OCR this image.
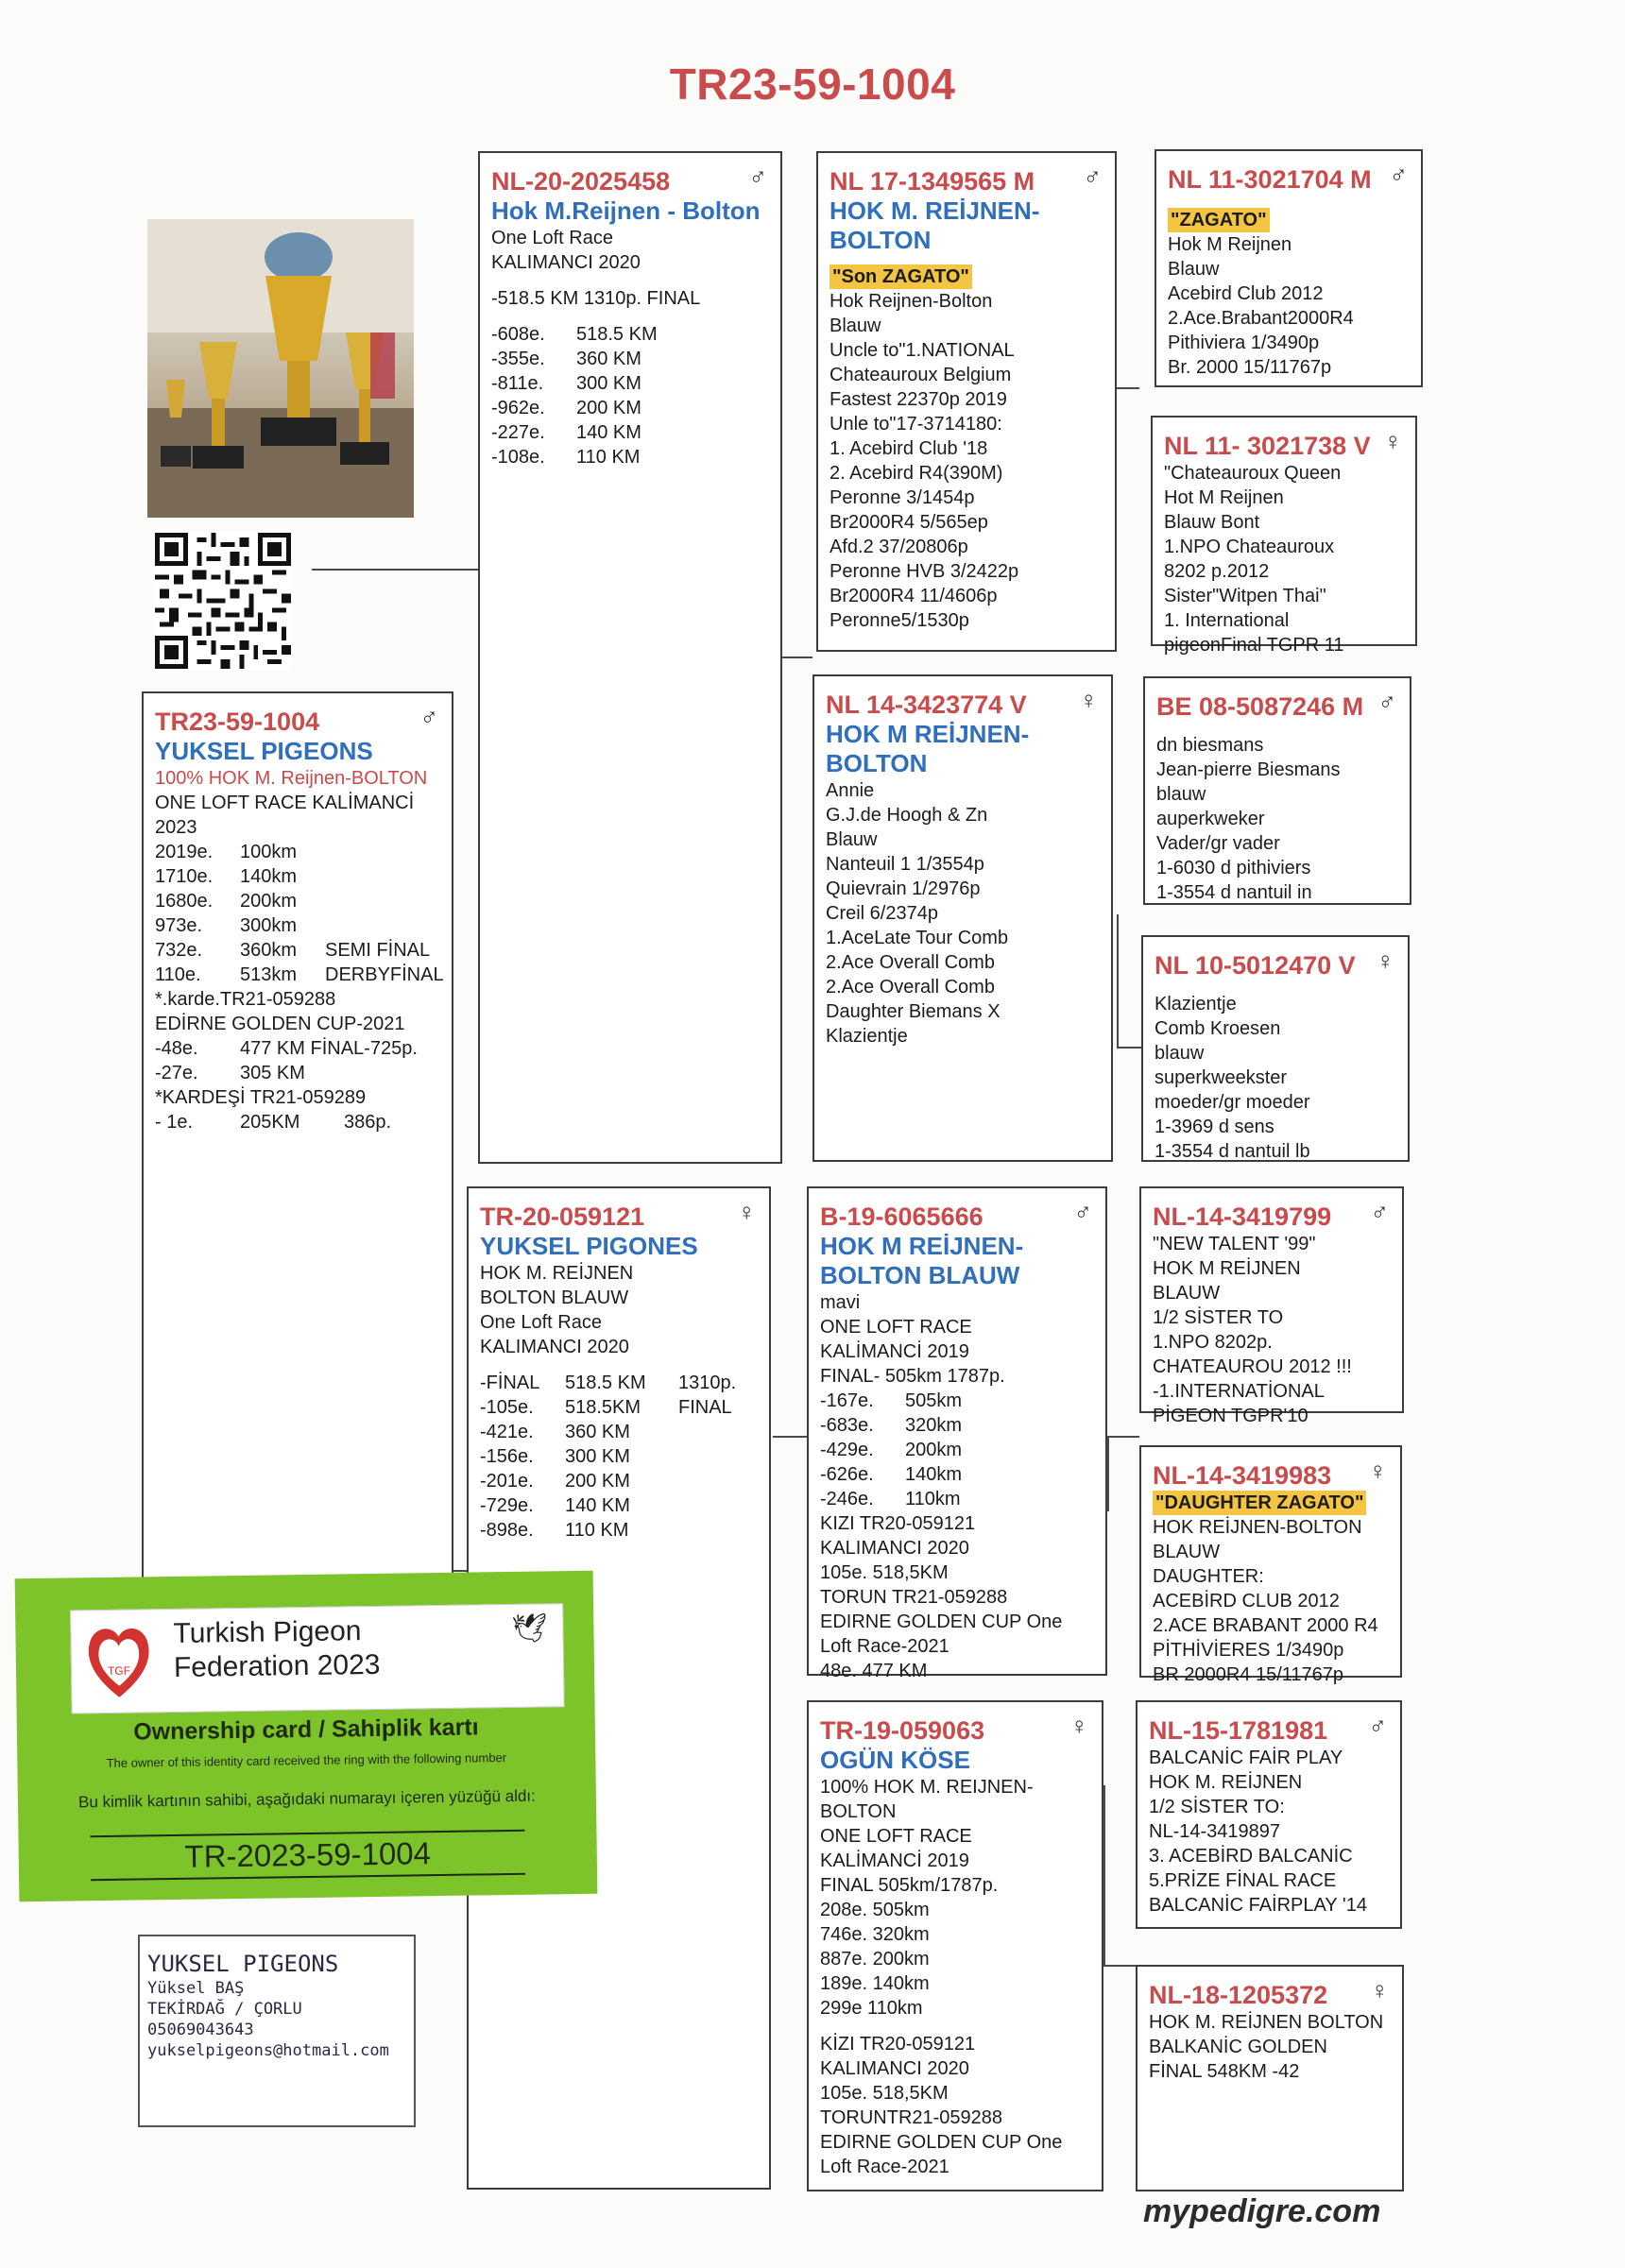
TR23-59-1004
TR23-59-1004	♂
YUKSEL PIGEONS
100% HOK M. Reijnen-BOLTON
ONE LOFT RACE KALİMANCİ
2023
2019e. 100km
1710e. 140km
1680e. 200km
973e. 300km
732e. 360km SEMI FİNAL
110e. 513km DERBYFİNAL
*.karde.TR21-059288
EDİRNE GOLDEN CUP-2021
-48e. 477 KM FİNAL-725p.
-27e. 305 KM
*KARDEŞİ TR21-059289
- 1e. 205KM 386p.
NL-20-2025458	♂
Hok M.Reijnen - Bolton
One Loft Race
KALIMANCI 2020
-518.5 KM 1310p. FINAL
-608e. 518.5 KM
-355e. 360 KM
-811e. 300 KM
-962e. 200 KM
-227e. 140 KM
-108e. 110 KM
TR-20-059121	♀
YUKSEL PIGONES
HOK M. REİJNEN
BOLTON BLAUW
One Loft Race
KALIMANCI 2020
-FİNAL 518.5 KM 1310p.
-105e. 518.5KM FINAL
-421e. 360 KM
-156e. 300 KM
-201e. 200 KM
-729e. 140 KM
-898e. 110 KM
NL 17-1349565 M	♂
HOK M. REİJNEN-BOLTON
"Son ZAGATO"
Hok Reijnen-Bolton
Blauw
Uncle to"1.NATIONAL
Chateauroux Belgium
Fastest 22370p 2019
Unle to"17-3714180:
1. Acebird Club '18
2. Acebird R4(390M)
Peronne 3/1454p
Br2000R4 5/565ep
Afd.2 37/20806p
Peronne HVB 3/2422p
Br2000R4 11/4606p
Peronne5/1530p
NL 14-3423774 V	♀
HOK M REİJNEN-BOLTON
Annie
G.J.de Hoogh & Zn
Blauw
Nanteuil 1 1/3554p
Quievrain 1/2976p
Creil 6/2374p
1.AceLate Tour Comb
2.Ace Overall Comb
2.Ace Overall Comb
Daughter Biemans X
Klazientje
B-19-6065666	♂
HOK M REİJNEN-BOLTON BLAUW
mavi
ONE LOFT RACE
KALİMANCİ 2019
FINAL- 505km 1787p.
-167e. 505km
-683e. 320km
-429e. 200km
-626e. 140km
-246e. 110km
KIZI TR20-059121
KALIMANCI 2020
105e. 518,5KM
TORUN TR21-059288
EDIRNE GOLDEN CUP One
Loft Race-2021
48e. 477 KM
TR-19-059063	♀
OGÜN KÖSE
100% HOK M. REIJNEN-
BOLTON
ONE LOFT RACE
KALİMANCİ 2019
FINAL 505km/1787p.
208e. 505km
746e. 320km
887e. 200km
189e. 140km
299e 110km
KİZI TR20-059121
KALIMANCI 2020
105e. 518,5KM
TORUNTR21-059288
EDIRNE GOLDEN CUP One
Loft Race-2021
NL 11-3021704 M ♂
"ZAGATO"
Hok M Reijnen
Blauw
Acebird Club 2012
2.Ace.Brabant2000R4
Pithiviera 1/3490p
Br. 2000 15/11767p
NL 11- 3021738 V ♀
"Chateauroux Queen
Hot M Reijnen
Blauw Bont
1.NPO Chateauroux
8202 p.2012
Sister"Witpen Thai"
1. International
pigeonFinal TGPR 11
BE 08-5087246 M ♂
dn biesmans
Jean-pierre Biesmans
blauw
auperkweker
Vader/gr vader
1-6030 d pithiviers
1-3554 d nantuil in
NL 10-5012470 V ♀
Klazientje
Comb Kroesen
blauw
superkweekster
moeder/gr moeder
1-3969 d sens
1-3554 d nantuil lb
NL-14-3419799	♂
"NEW TALENT '99"
HOK M REİJNEN
BLAUW
1/2 SİSTER TO
1.NPO 8202p.
CHATEAUROU 2012 !!!
-1.INTERNATİONAL
PİGEON TGPR'10
NL-14-3419983	♀
"DAUGHTER ZAGATO"
HOK REİJNEN-BOLTON
BLAUW
DAUGHTER:
ACEBİRD CLUB 2012
2.ACE BRABANT 2000 R4
PİTHİVİERES 1/3490p
BR 2000R4 15/11767p
NL-15-1781981	♂
BALCANİC FAİR PLAY
HOK M. REİJNEN
1/2 SİSTER TO:
NL-14-3419897
3. ACEBİRD BALCANİC
5.PRİZE FİNAL RACE
BALCANİC FAİRPLAY '14
NL-18-1205372	♀
HOK M. REİJNEN BOLTON
BALKANİC GOLDEN
FİNAL 548KM -42
TGF
Turkish Pigeon
Federation 2023
🕊
Ownership card / Sahiplik kartı
The owner of this identity card received the ring with the following number
Bu kimlik kartının sahibi, aşağıdaki numarayı içeren yüzüğü aldı:
TR-2023-59-1004
YUKSEL PIGEONS
Yüksel BAŞ
TEKİRDAĞ / ÇORLU
05069043643
yukselpigeons@hotmail.com
mypedigre.com
